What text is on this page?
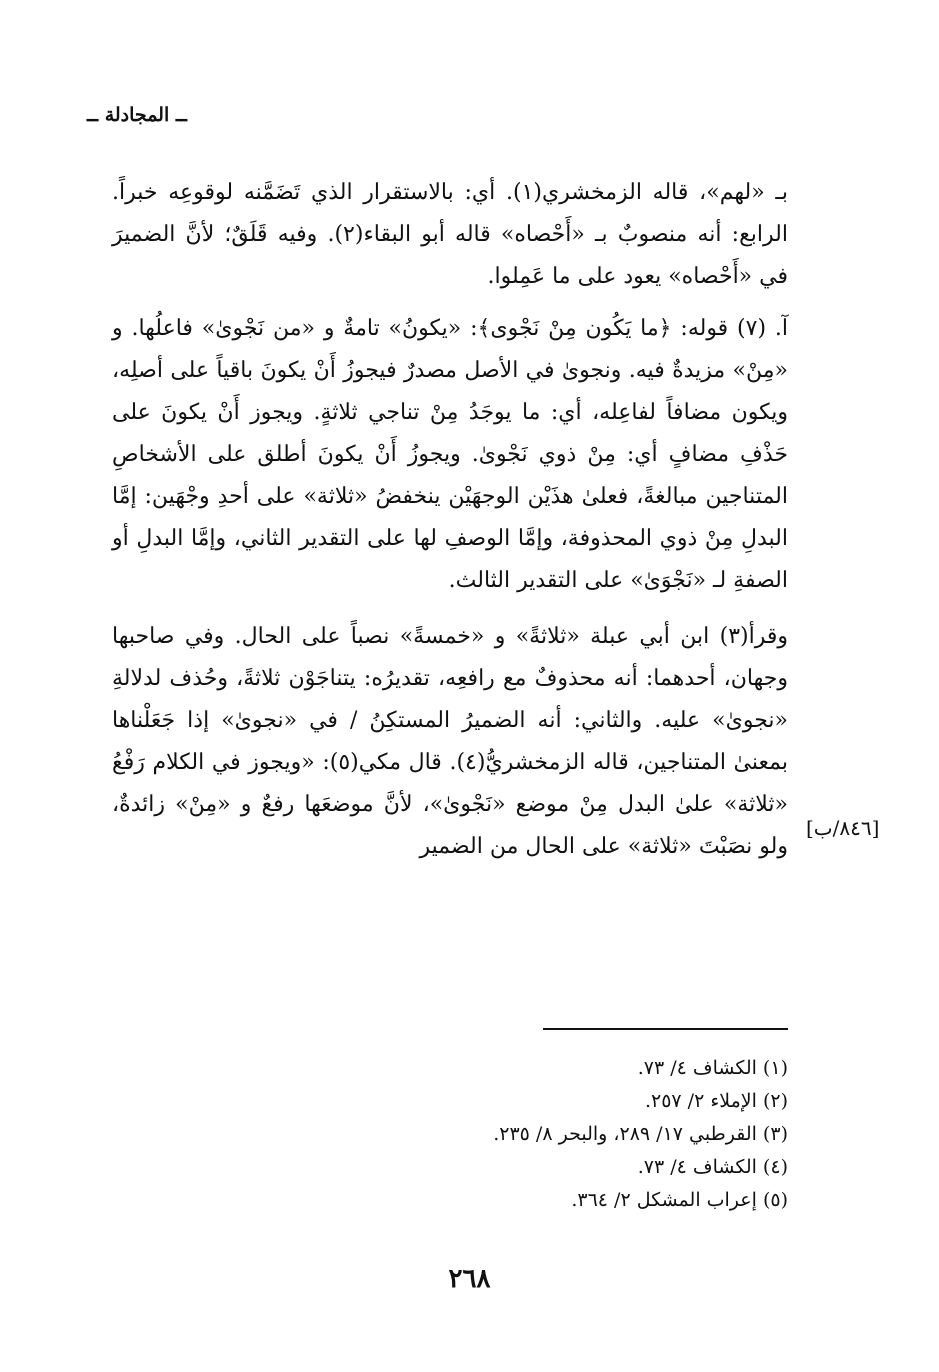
ــ المجادلة ــ

بـ «لهم»، قاله الزمخشري(١). أي: بالاستقرار الذي تَضَمَّنه لوقوعِه خبراً. الرابع: أنه منصوبٌ بـ «أَحْصاه» قاله أبو البقاء(٢). وفيه قَلَقٌ؛ لأنَّ الضميرَ في «أَحْصاه» يعود على ما عَمِلوا.

آ. (٧) قوله: ﴿ما يَكُون مِنْ نَجْوى﴾: «يكونُ» تامةٌ و «من نَجْوىٰ» فاعلُها. و «مِنْ» مزيدةٌ فيه. ونجوىٰ في الأصل مصدرٌ فيجوزُ أَنْ يكونَ باقياً على أصلِه، ويكون مضافاً لفاعِله، أي: ما يوجَدُ مِنْ تناجي ثلاثةٍ. ويجوز أَنْ يكونَ على حَذْفِ مضافٍ أي: مِنْ ذوي نَجْوىٰ. ويجوزُ أَنْ يكونَ أطلق على الأشخاصِ المتناجين مبالغةً، فعلىٰ هذَيْن الوجهَيْن ينخفضُ «ثلاثة» على أحدِ وجْهَين: إمَّا البدلِ مِنْ ذوي المحذوفة، وإمَّا الوصفِ لها على التقدير الثاني، وإمَّا البدلِ أو الصفةِ لـ «نَجْوَىٰ» على التقدير الثالث.

وقرأ(٣) ابن أبي عبلة «ثلاثةً» و «خمسةً» نصباً على الحال. وفي صاحبها وجهان، أحدهما: أنه محذوفٌ مع رافعِه، تقديرُه: يتناجَوْن ثلاثةً، وحُذف لدلالةِ «نجوىٰ» عليه. والثاني: أنه الضميرُ المستكِنُ / في «نجوىٰ» إذا جَعَلْناها بمعنىٰ المتناجين، قاله الزمخشريُّ(٤). قال مكي(٥): «ويجوز في الكلام رَفْعُ «ثلاثة» علىٰ البدل مِنْ موضع «نَجْوىٰ»، لأنَّ موضعَها رفعٌ و «مِنْ» زائدةٌ، ولو نصَبْتَ «ثلاثة» على الحال من الضمير

[٨٤٦/ب]
(١) الكشاف ٤/ ٧٣.
(٢) الإملاء ٢/ ٢٥٧.
(٣) القرطبي ١٧/ ٢٨٩، والبحر ٨/ ٢٣٥.
(٤) الكشاف ٤/ ٧٣.
(٥) إعراب المشكل ٢/ ٣٦٤.
٢٦٨
